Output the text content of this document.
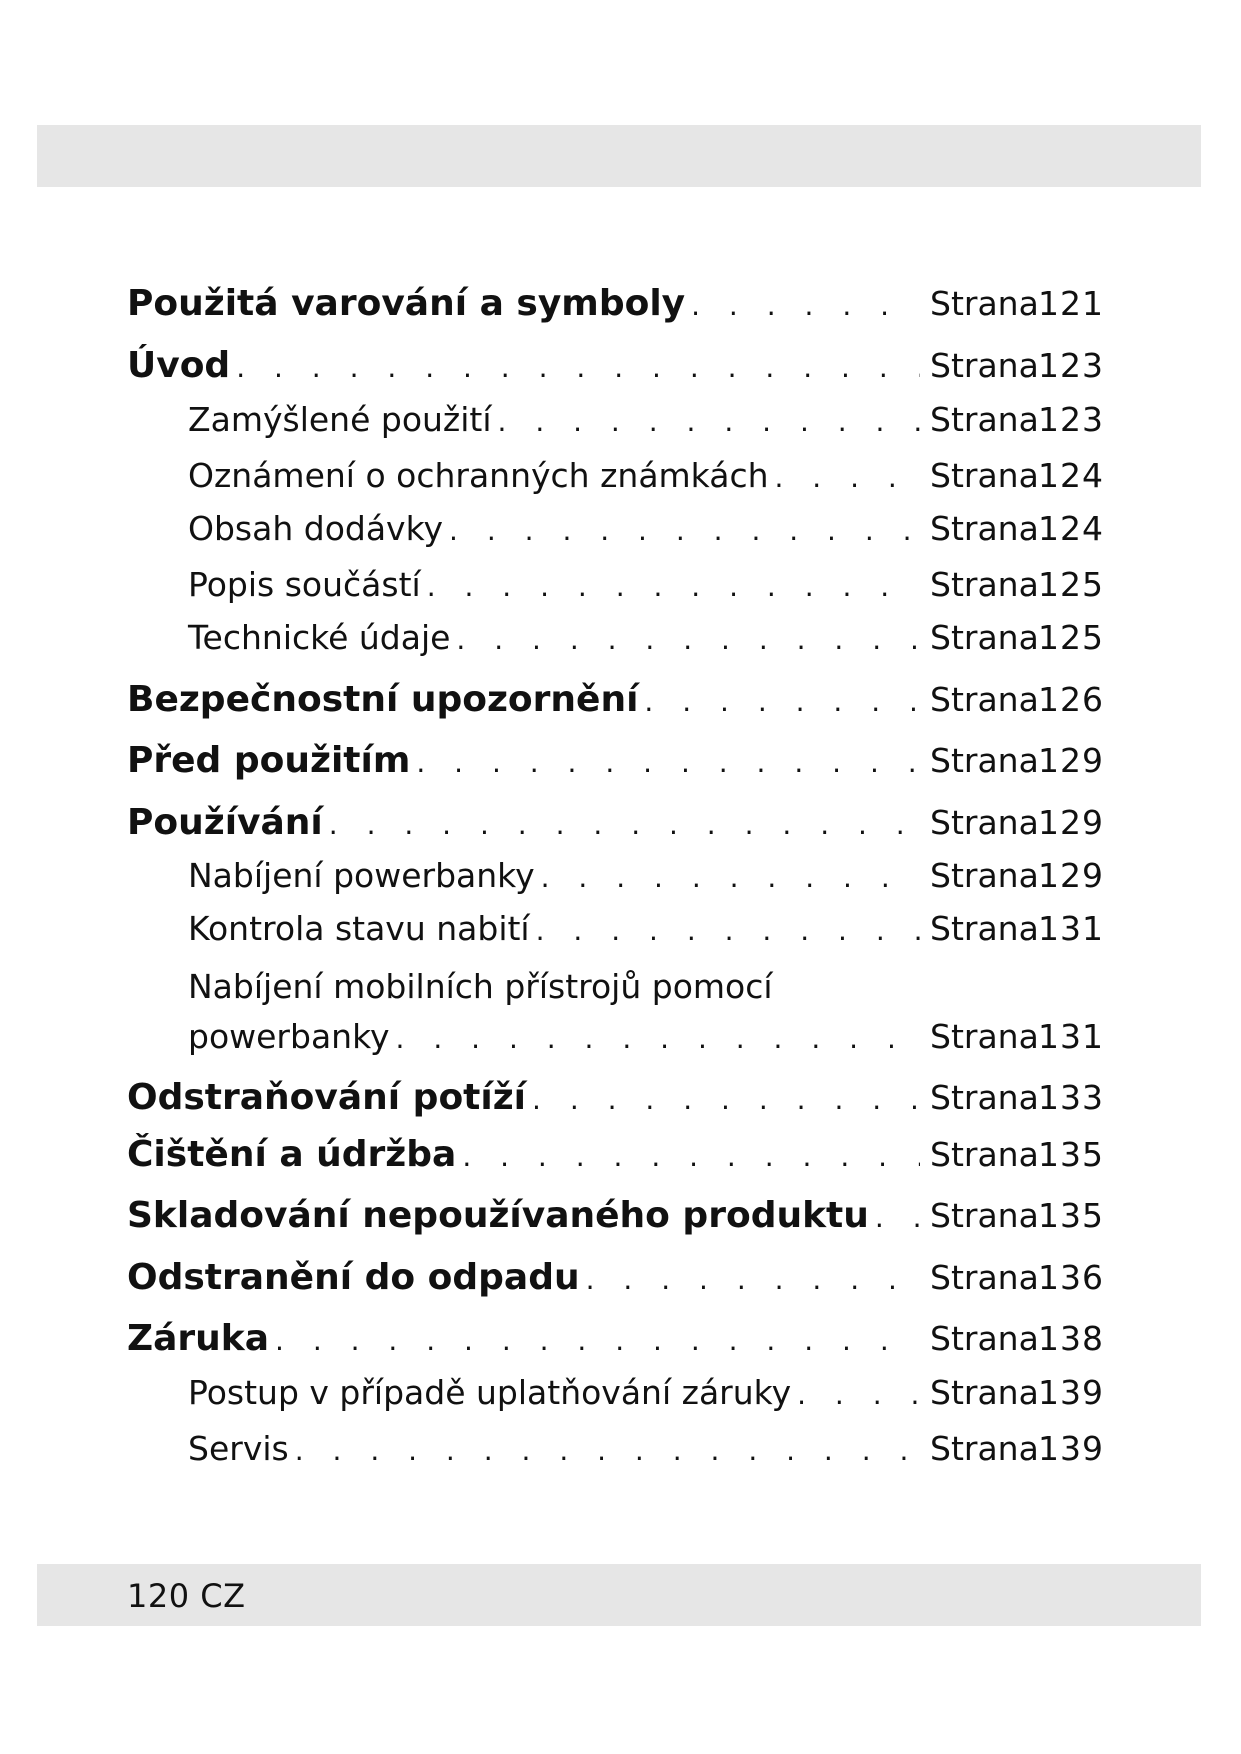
Použitá varování a symboly . . .	Strana 121
Úvod . . .	Strana 123
Zamýšlené použití . . .	Strana 123
Oznámení o ochranných známkách . . .	Strana 124
Obsah dodávky . . .	Strana 124
Popis součástí . . .	Strana 125
Technické údaje . . .	Strana 125
Bezpečnostní upozornění . . .	Strana 126
Před použitím . . .	Strana 129
Používání . . .	Strana 129
Nabíjení powerbanky . . .	Strana 129
Kontrola stavu nabití . . .	Strana 131
Nabíjení mobilních přístrojů pomocí
powerbanky . . .	Strana 131
Odstraňování potíží . . .	Strana 133
Čištění a údržba . . .	Strana 135
Skladování nepoužívaného produktu . . . Strana 135
Odstranění do odpadu . . .	Strana 136
Záruka . . .	Strana 138
Postup v případě uplatňování záruky . . .	Strana 139
Servis . . .	Strana 139
120 CZ
